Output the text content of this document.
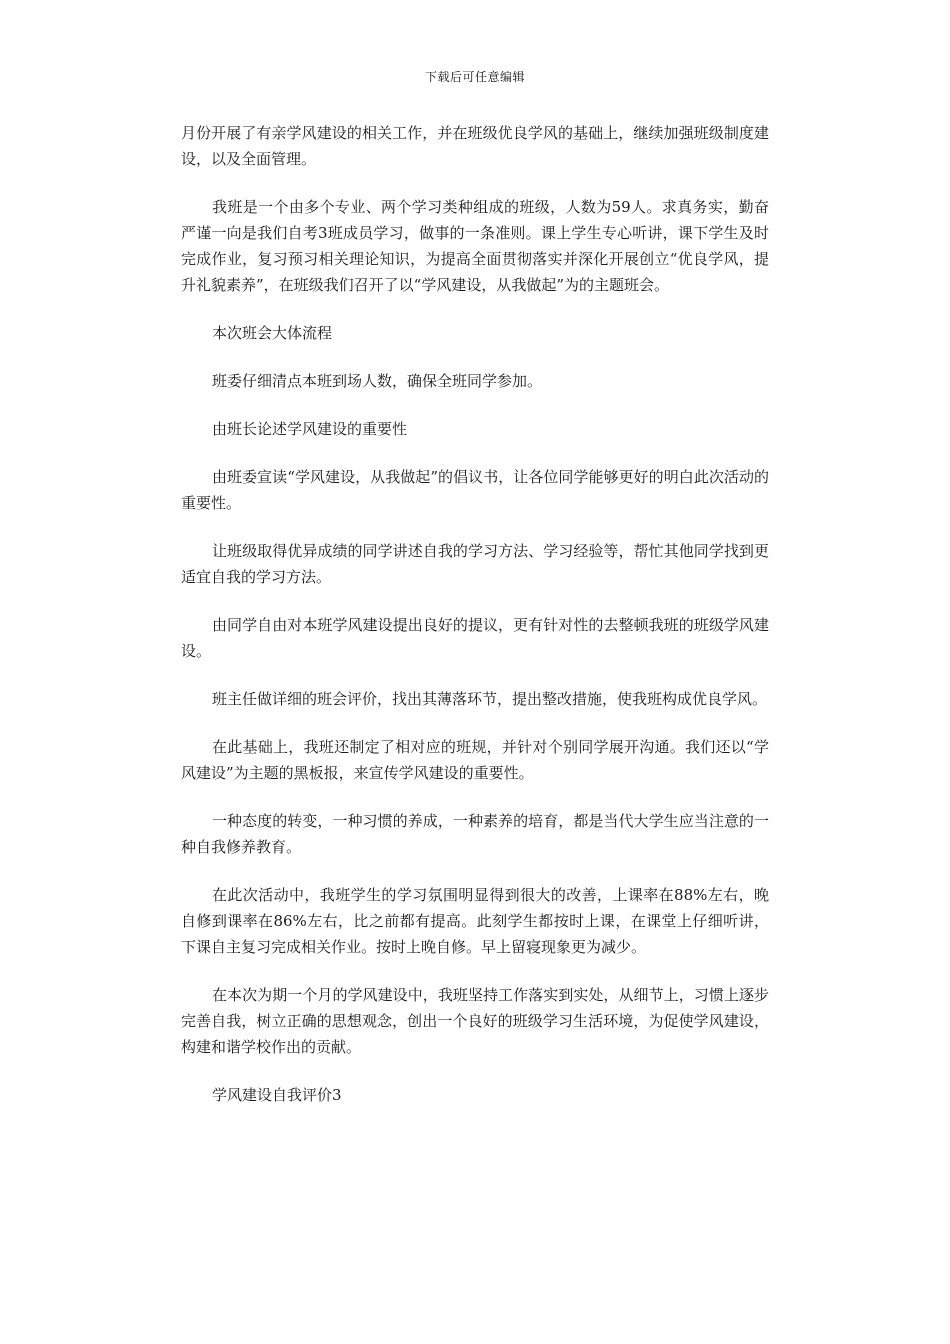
下载后可任意编辑

月份开展了有亲学风建设的相关工作，并在班级优良学风的基础上，继续加强班级制度建设，以及全面管理。

我班是一个由多个专业、两个学习类种组成的班级，人数为59人。求真务实，勤奋严谨一向是我们自考3班成员学习，做事的一条准则。课上学生专心听讲，课下学生及时完成作业，复习预习相关理论知识，为提高全面贯彻落实并深化开展创立“优良学风，提升礼貌素养”，在班级我们召开了以“学风建设，从我做起”为的主题班会。

本次班会大体流程

班委仔细清点本班到场人数，确保全班同学参加。

由班长论述学风建设的重要性

由班委宣读“学风建设，从我做起”的倡议书，让各位同学能够更好的明白此次活动的重要性。

让班级取得优异成绩的同学讲述自我的学习方法、学习经验等，帮忙其他同学找到更适宜自我的学习方法。

由同学自由对本班学风建设提出良好的提议，更有针对性的去整顿我班的班级学风建设。

班主任做详细的班会评价，找出其薄落环节，提出整改措施，使我班构成优良学风。

在此基础上，我班还制定了相对应的班规，并针对个别同学展开沟通。我们还以“学风建设”为主题的黑板报，来宣传学风建设的重要性。

一种态度的转变，一种习惯的养成，一种素养的培育，都是当代大学生应当注意的一种自我修养教育。

在此次活动中，我班学生的学习氛围明显得到很大的改善，上课率在88%左右，晚自修到课率在86%左右，比之前都有提高。此刻学生都按时上课，在课堂上仔细听讲，下课自主复习完成相关作业。按时上晚自修。早上留寝现象更为减少。

在本次为期一个月的学风建设中，我班坚持工作落实到实处，从细节上，习惯上逐步完善自我，树立正确的思想观念，创出一个良好的班级学习生活环境，为促使学风建设，构建和谐学校作出的贡献。

学风建设自我评价3
